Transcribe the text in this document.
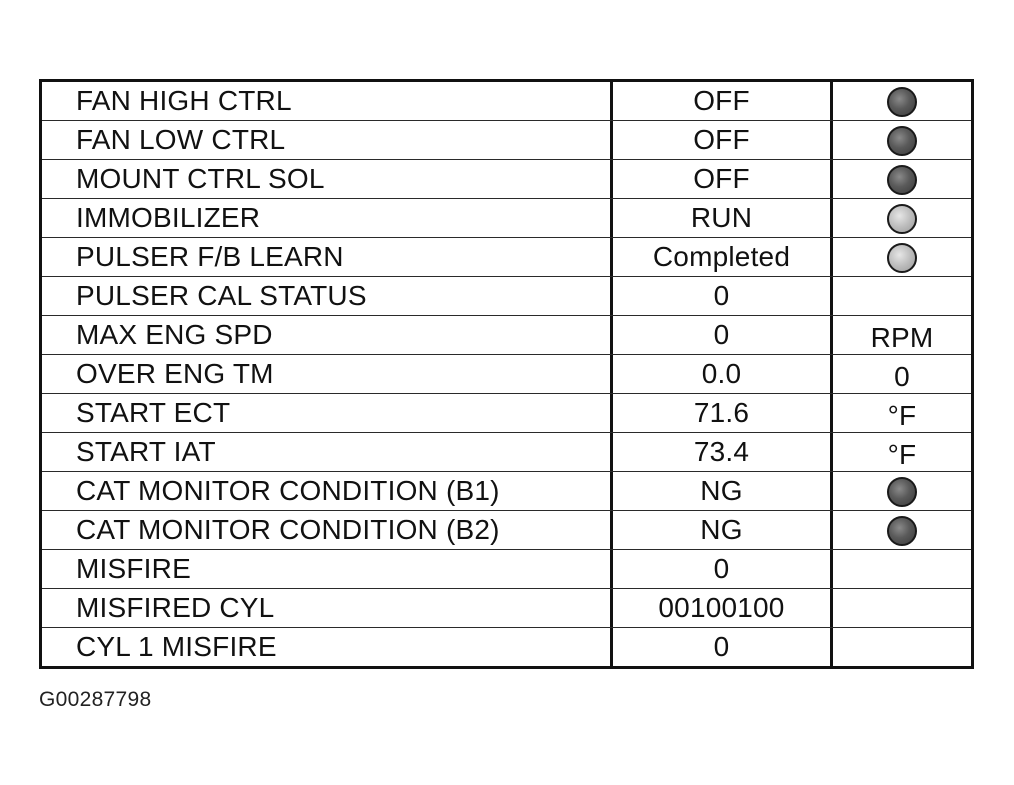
FAN HIGH CTRL	OFF
FAN LOW CTRL	OFF
MOUNT CTRL SOL	OFF
IMMOBILIZER	RUN
PULSER F/B LEARN	Completed
PULSER CAL STATUS	0
MAX ENG SPD	0	RPM
OVER ENG TM	0.0	0
START ECT	71.6	°F
START IAT	73.4	°F
CAT MONITOR CONDITION (B1)	NG
CAT MONITOR CONDITION (B2)	NG
MISFIRE	0
MISFIRED CYL	00100100
CYL 1 MISFIRE	0
G00287798
